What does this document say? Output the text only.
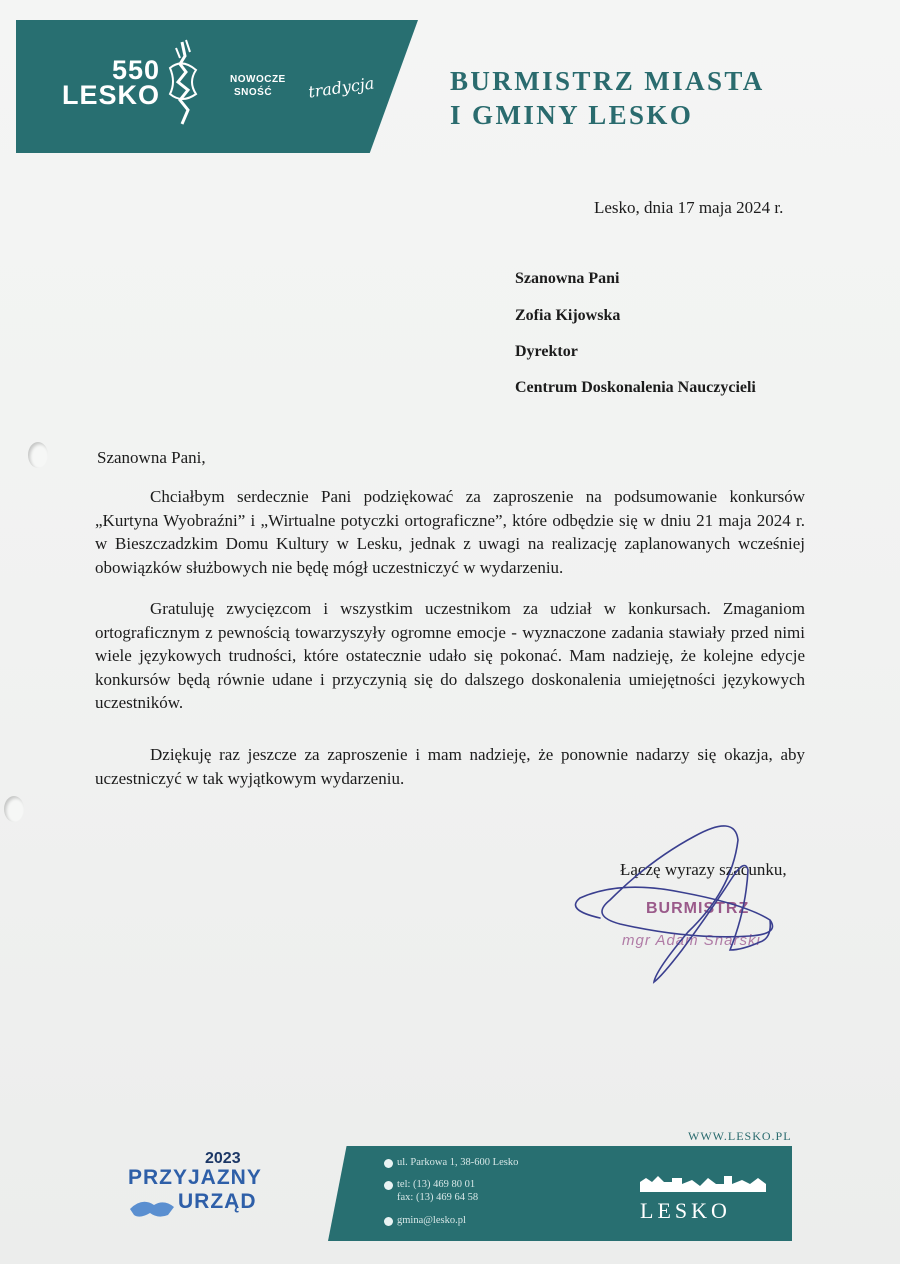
550
LESKO
NOWOCZE
SNOŚĆ tradycja	BURMISTRZ MIASTA
I GMINY LESKO
Lesko, dnia 17 maja 2024 r.
Szanowna Pani
Zofia Kijowska
Dyrektor
Centrum Doskonalenia Nauczycieli
Szanowna Pani,
Chciałbym serdecznie Pani podziękować za zaproszenie na podsumowanie konkursów „Kurtyna Wyobraźni” i „Wirtualne potyczki ortograficzne”, które odbędzie się w dniu 21 maja 2024 r. w Bieszczadzkim Domu Kultury w Lesku, jednak z uwagi na realizację zaplanowanych wcześniej obowiązków służbowych nie będę mógł uczestniczyć w wydarzeniu.
Gratuluję zwycięzcom i wszystkim uczestnikom za udział w konkursach. Zmaganiom ortograficznym z pewnością towarzyszyły ogromne emocje - wyznaczone zadania stawiały przed nimi wiele językowych trudności, które ostatecznie udało się pokonać. Mam nadzieję, że kolejne edycje konkursów będą równie udane i przyczynią się do dalszego doskonalenia umiejętności językowych uczestników.
Dziękuję raz jeszcze za zaproszenie i mam nadzieję, że ponownie nadarzy się okazja, aby uczestniczyć w tak wyjątkowym wydarzeniu.
Łączę wyrazy szacunku,
BURMISTRZ
mgr Adam Snarski
WWW.LESKO.PL
2023
PRZYJAZNY
URZĄD
ul. Parkowa 1, 38-600 Lesko
tel: (13) 469 80 01
fax: (13) 469 64 58
gmina@lesko.pl	LESKO
